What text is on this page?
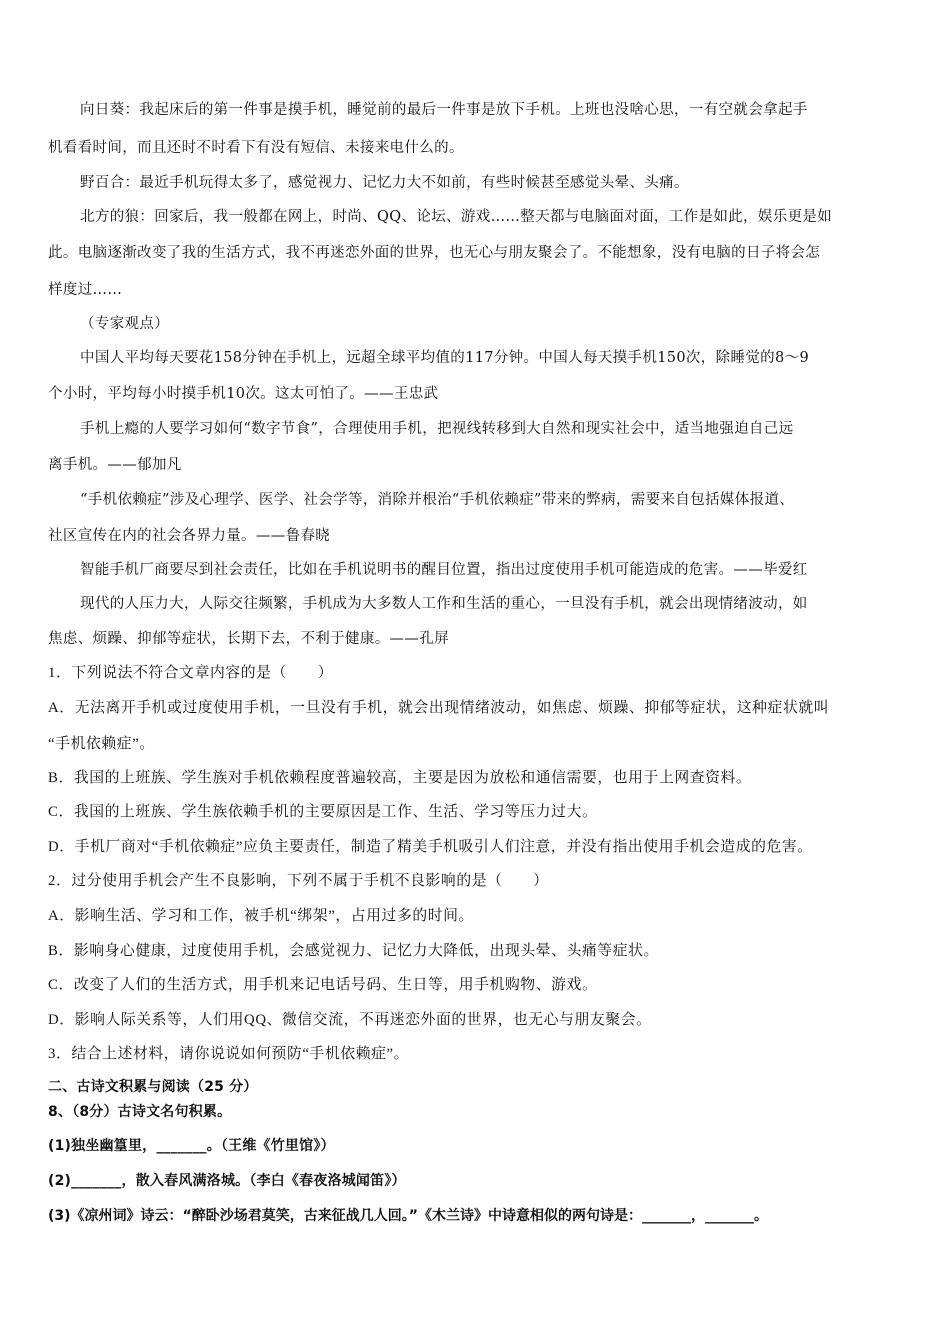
向日葵：我起床后的第一件事是摸手机，睡觉前的最后一件事是放下手机。上班也没啥心思，一有空就会拿起手
机看看时间，而且还时不时看下有没有短信、未接来电什么的。
野百合：最近手机玩得太多了，感觉视力、记忆力大不如前，有些时候甚至感觉头晕、头痛。
北方的狼：回家后，我一般都在网上，时尚、QQ、论坛、游戏……整天都与电脑面对面，工作是如此，娱乐更是如
此。电脑逐渐改变了我的生活方式，我不再迷恋外面的世界，也无心与朋友聚会了。不能想象，没有电脑的日子将会怎
样度过……
（专家观点）
中国人平均每天要花158分钟在手机上，远超全球平均值的117分钟。中国人每天摸手机150次，除睡觉的8～9
个小时，平均每小时摸手机10次。这太可怕了。——王忠武
手机上瘾的人要学习如何“数字节食”，合理使用手机，把视线转移到大自然和现实社会中，适当地强迫自己远
离手机。——郁加凡
“手机依赖症”涉及心理学、医学、社会学等，消除并根治“手机依赖症”带来的弊病，需要来自包括媒体报道、
社区宣传在内的社会各界力量。——鲁春晓
智能手机厂商要尽到社会责任，比如在手机说明书的醒目位置，指出过度使用手机可能造成的危害。——毕爱红
现代的人压力大，人际交往频繁，手机成为大多数人工作和生活的重心，一旦没有手机，就会出现情绪波动，如
焦虑、烦躁、抑郁等症状，长期下去，不利于健康。——孔屏
1．下列说法不符合文章内容的是（　　）
A．无法离开手机或过度使用手机，一旦没有手机，就会出现情绪波动，如焦虑、烦躁、抑郁等症状，这种症状就叫
“手机依赖症”。
B．我国的上班族、学生族对手机依赖程度普遍较高，主要是因为放松和通信需要，也用于上网查资料。
C．我国的上班族、学生族依赖手机的主要原因是工作、生活、学习等压力过大。
D．手机厂商对“手机依赖症”应负主要责任，制造了精美手机吸引人们注意，并没有指出使用手机会造成的危害。
2．过分使用手机会产生不良影响，下列不属于手机不良影响的是（　　）
A．影响生活、学习和工作，被手机“绑架”，占用过多的时间。
B．影响身心健康，过度使用手机，会感觉视力、记忆力大降低，出现头晕、头痛等症状。
C．改变了人们的生活方式，用手机来记电话号码、生日等，用手机购物、游戏。
D．影响人际关系等，人们用QQ、微信交流，不再迷恋外面的世界，也无心与朋友聚会。
3．结合上述材料，请你说说如何预防“手机依赖症”。
二、古诗文积累与阅读（25 分）
8、（8分）古诗文名句积累。
(1)独坐幽篁里，_______。（王维《竹里馆》）
(2)_______，散入春风满洛城。（李白《春夜洛城闻笛》）
(3)《凉州词》诗云：“醉卧沙场君莫笑，古来征战几人回。”《木兰诗》中诗意相似的两句诗是：_______，_______。
